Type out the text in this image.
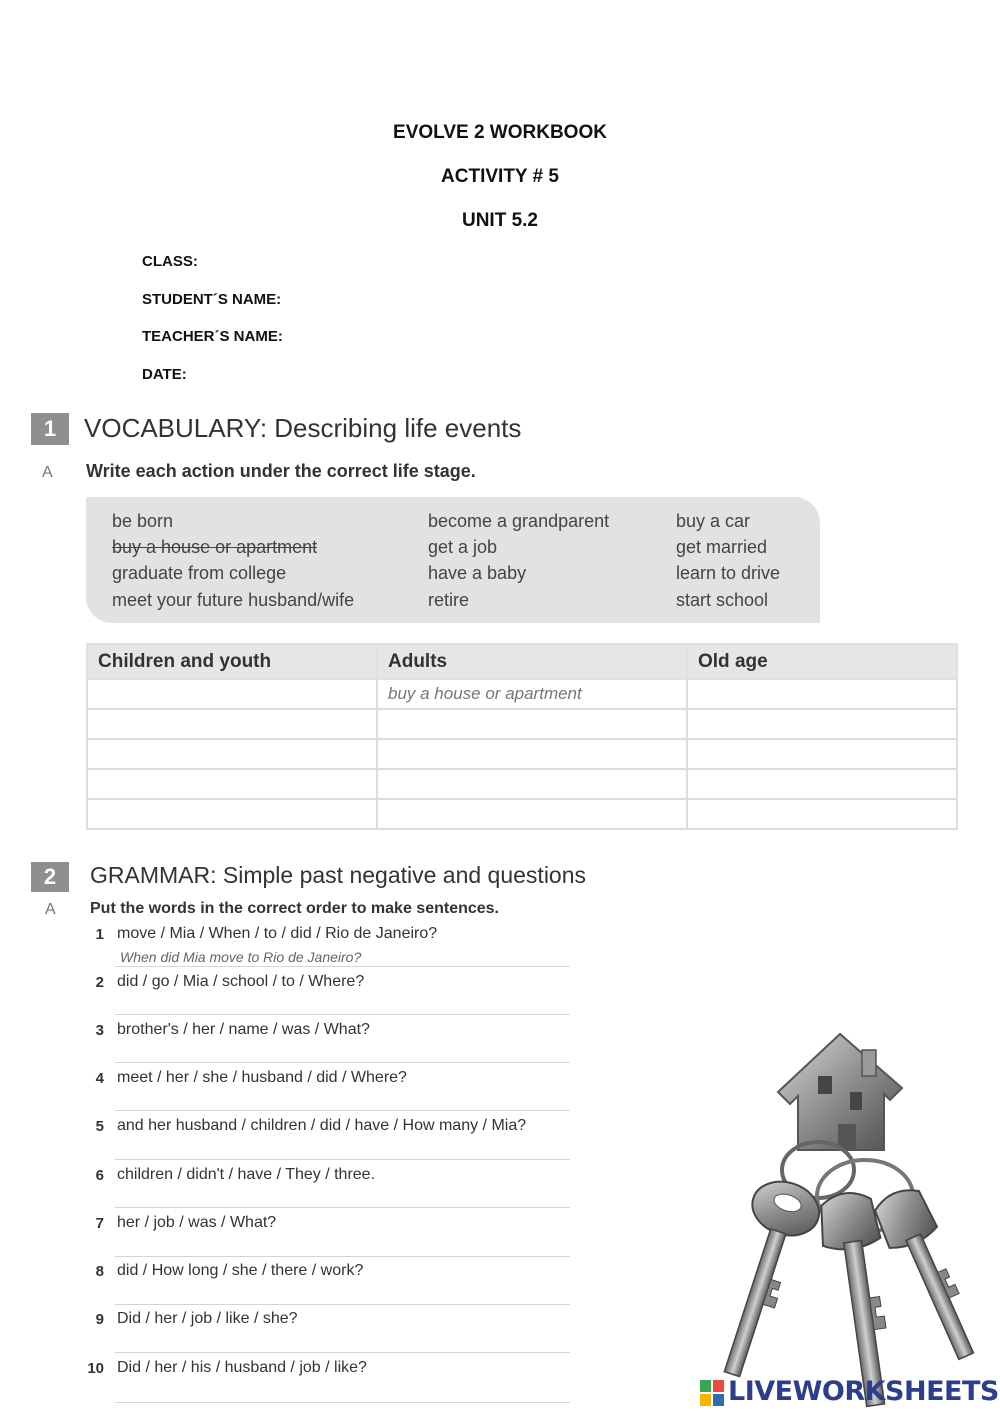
EVOLVE 2 WORKBOOK
ACTIVITY # 5
UNIT 5.2
CLASS:
STUDENT´S NAME:
TEACHER´S NAME:
DATE:
1	VOCABULARY: Describing life events
A Write each action under the correct life stage.
be born
buy a house or apartment
graduate from college
meet your future husband/wife
become a grandparent
get a job
have a baby
retire
buy a car
get married
learn to drive
start school
Children and youth	Adults	Old age
	buy a house or apartment	

2	GRAMMAR: Simple past negative and questions
A Put the words in the correct order to make sentences.
1 move / Mia / When / to / did / Rio de Janeiro?
When did Mia move to Rio de Janeiro?
2 did / go / Mia / school / to / Where?
3 brother's / her / name / was / What?
4 meet / her / she / husband / did / Where?
5 and her husband / children / did / have / How many / Mia?
6 children / didn't / have / They / three.
7 her / job / was / What?
8 did / How long / she / there / work?
9 Did / her / job / like / she?
10 Did / her / his / husband / job / like?
LIVEWORKSHEETS
